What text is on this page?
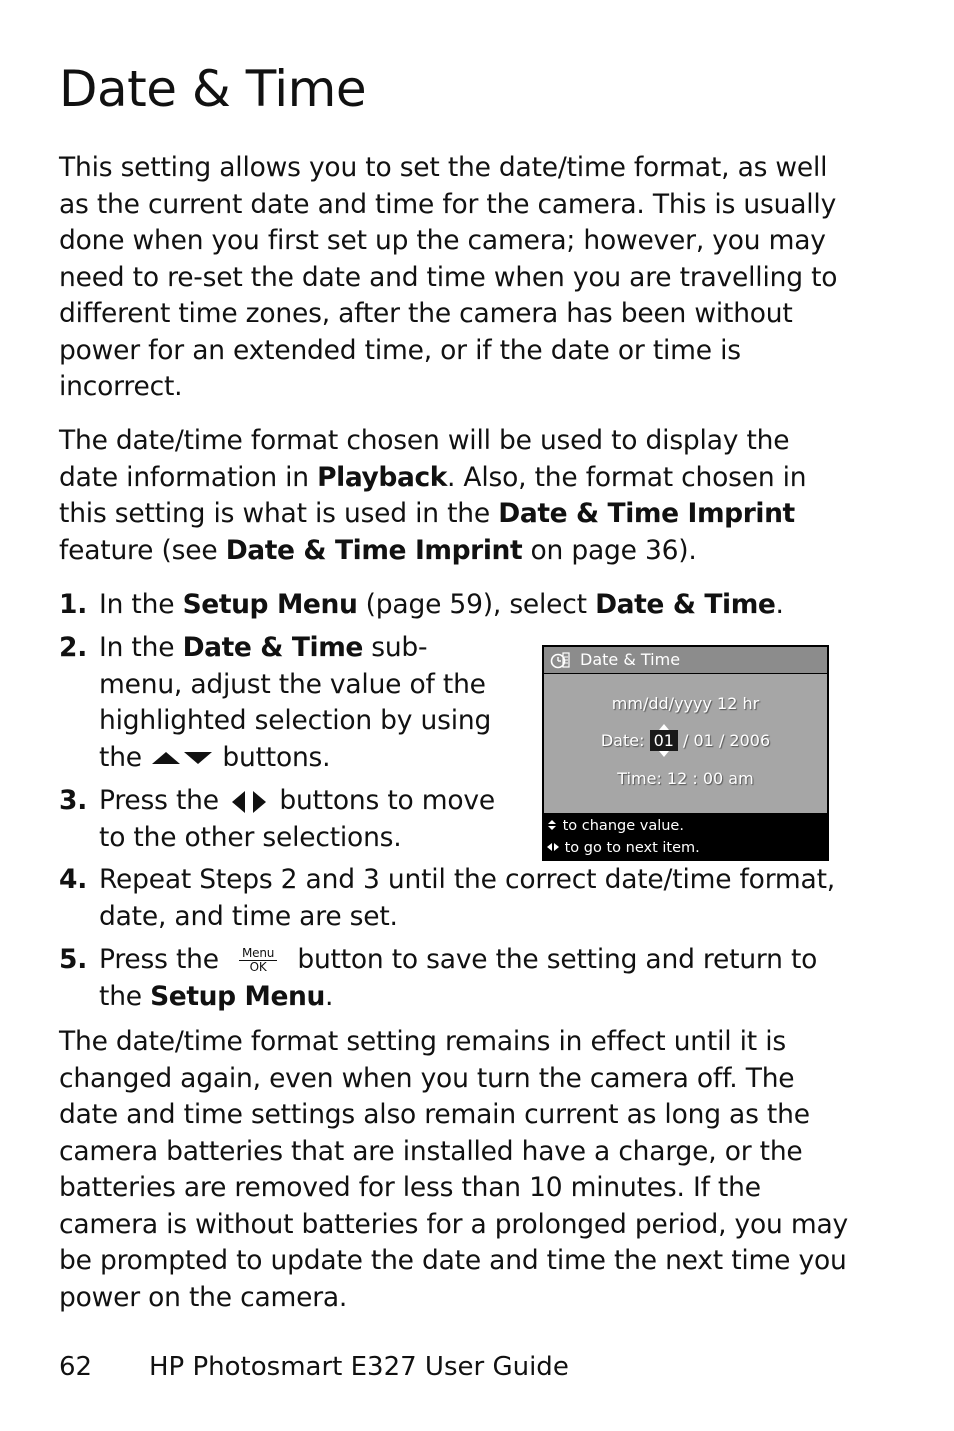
Date & Time

This setting allows you to set the date/time format, as well as the current date and time for the camera. This is usually done when you first set up the camera; however, you may need to re-set the date and time when you are travelling to different time zones, after the camera has been without power for an extended time, or if the date or time is incorrect.

The date/time format chosen will be used to display the date information in Playback. Also, the format chosen in this setting is what is used in the Date & Time Imprint feature (see Date & Time Imprint on page 36).

1. In the Setup Menu (page 59), select Date & Time.
2. In the Date & Time sub-menu, adjust the value of the highlighted selection by using the  buttons.
3. Press the  buttons to move to the other selections.
Date & Time
mm/dd/yyyy 12 hr
Date:
01
/ 01 / 2006
Time: 12 : 00 am
to change value.
to go to next item.
4. Repeat Steps 2 and 3 until the correct date/time format, date, and time are set.
5. Press the Menu
OK button to save the setting and return to the Setup Menu.

The date/time format setting remains in effect until it is changed again, even when you turn the camera off. The date and time settings also remain current as long as the camera batteries that are installed have a charge, or the batteries are removed for less than 10 minutes. If the camera is without batteries for a prolonged period, you may be prompted to update the date and time the next time you power on the camera.

62 HP Photosmart E327 User Guide
